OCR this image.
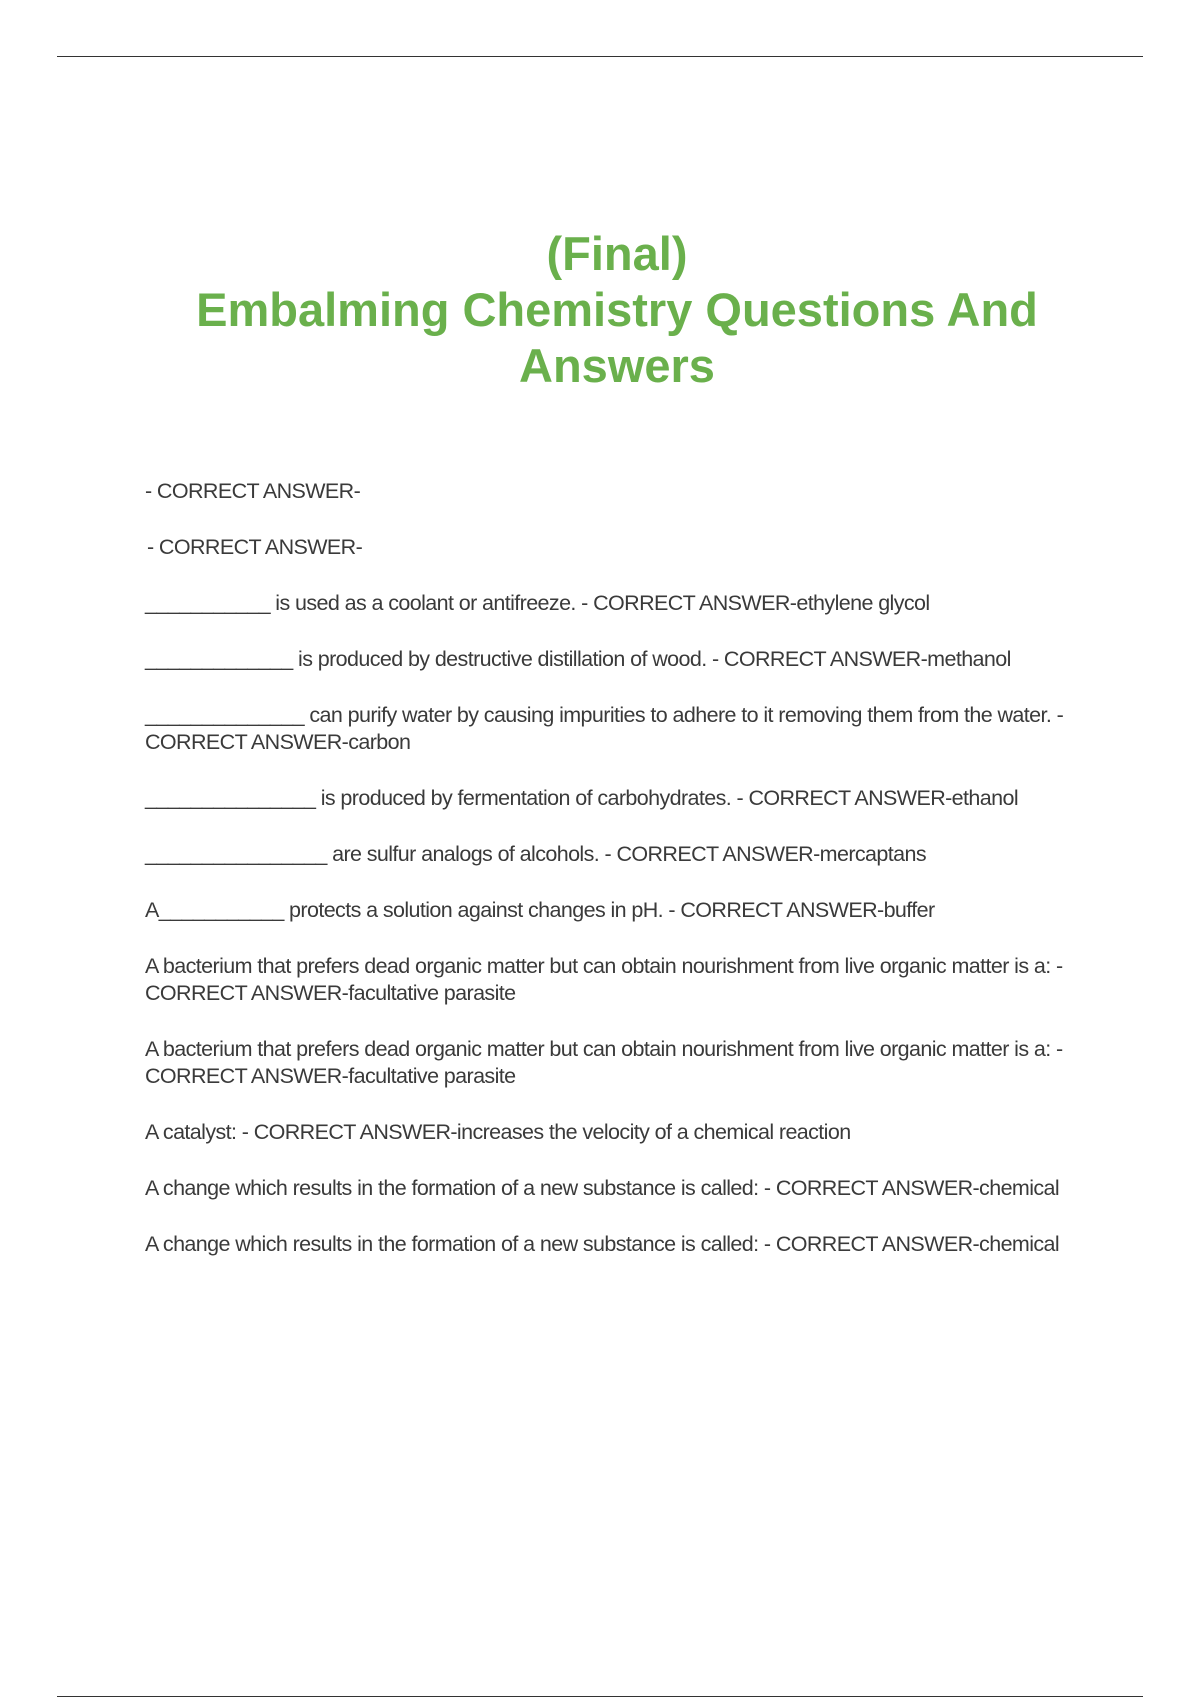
(Final)
Embalming Chemistry Questions And
Answers

- CORRECT ANSWER-

- CORRECT ANSWER-

___________ is used as a coolant or antifreeze. - CORRECT ANSWER-ethylene glycol

_____________ is produced by destructive distillation of wood. - CORRECT ANSWER-methanol

______________ can purify water by causing impurities to adhere to it removing them from the water. - CORRECT ANSWER-carbon

_______________ is produced by fermentation of carbohydrates. - CORRECT ANSWER-ethanol

________________ are sulfur analogs of alcohols. - CORRECT ANSWER-mercaptans

A___________ protects a solution against changes in pH. - CORRECT ANSWER-buffer

A bacterium that prefers dead organic matter but can obtain nourishment from live organic matter is a: - CORRECT ANSWER-facultative parasite

A bacterium that prefers dead organic matter but can obtain nourishment from live organic matter is a: - CORRECT ANSWER-facultative parasite

A catalyst: - CORRECT ANSWER-increases the velocity of a chemical reaction

A change which results in the formation of a new substance is called: - CORRECT ANSWER-chemical

A change which results in the formation of a new substance is called: - CORRECT ANSWER-chemical
